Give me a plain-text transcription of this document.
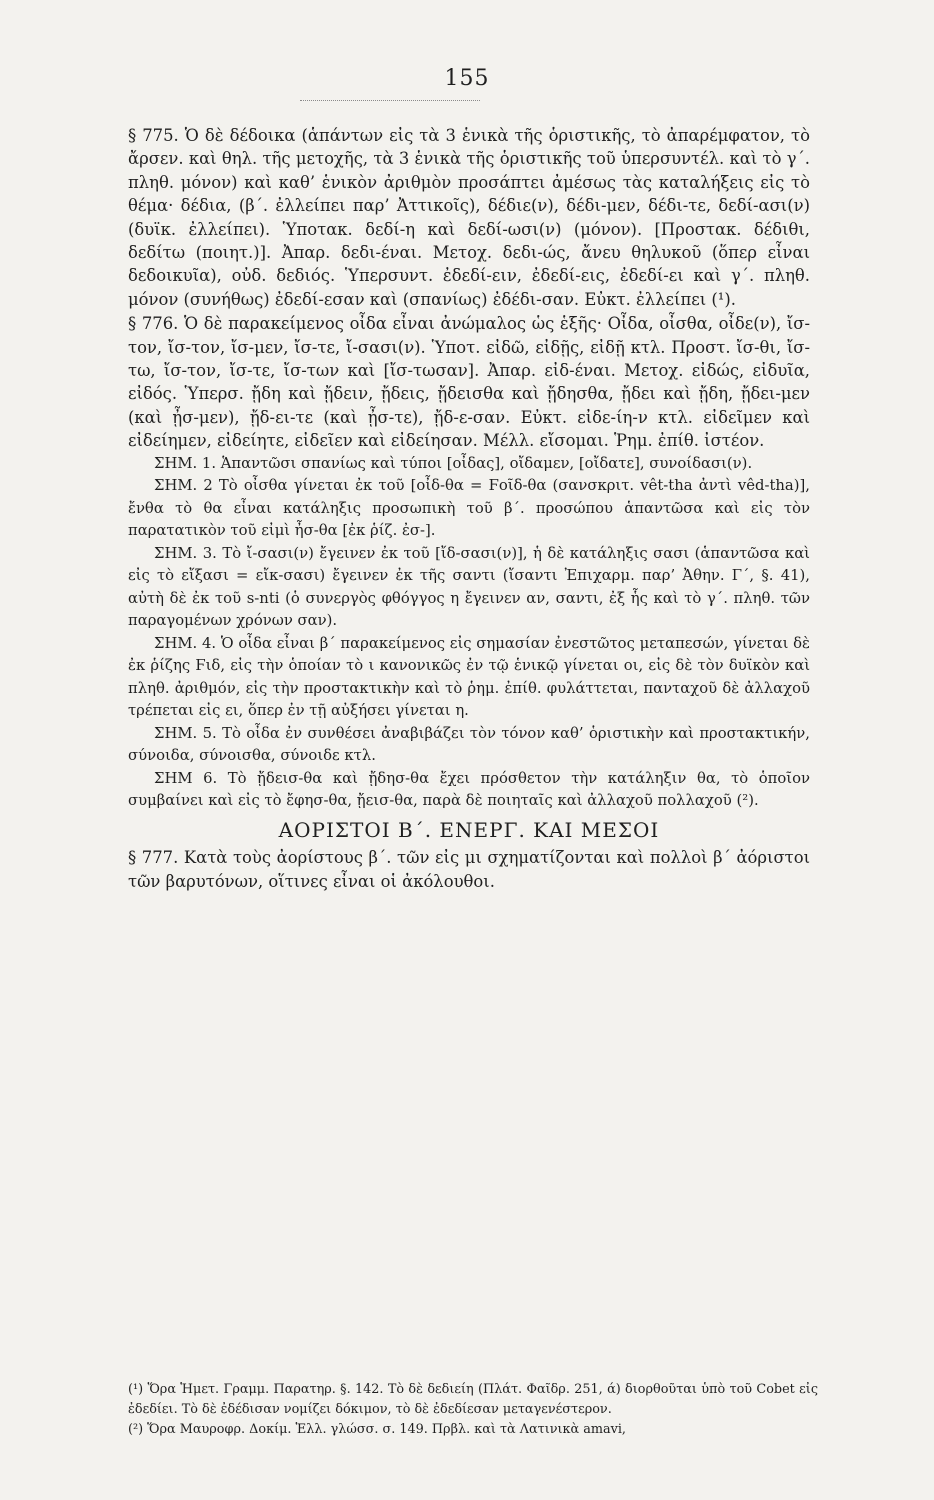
155

§ 775. Ὁ δὲ δέδοικα (ἁπάντων εἰς τὰ 3 ἑνικὰ τῆς ὁριστικῆς, τὸ ἀπαρέμφατον, τὸ ἄρσεν. καὶ θηλ. τῆς μετοχῆς, τὰ 3 ἑνικὰ τῆς ὁριστικῆς τοῦ ὑπερσυντέλ. καὶ τὸ γ΄. πληθ. μόνον) καὶ καθ’ ἑνικὸν ἀριθμὸν προσάπτει ἀμέσως τὰς καταλήξεις εἰς τὸ θέμα· δέδια, (β΄. ἐλλείπει παρ’ Ἀττικοῖς), δέδιε(ν), δέδι-μεν, δέδι-τε, δεδί-ασι(ν) (δυϊκ. ἐλλείπει). Ὑποτακ. δεδί-η καὶ δεδί-ωσι(ν) (μόνον). [Προστακ. δέδιθι, δεδίτω (ποιητ.)]. Ἀπαρ. δεδι-έναι. Μετοχ. δεδι-ώς, ἄνευ θηλυκοῦ (ὅπερ εἶναι δεδοικυῖα), οὐδ. δεδιός. Ὑπερσυντ. ἐδεδί-ειν, ἐδεδί-εις, ἐδεδί-ει καὶ γ΄. πληθ. μόνον (συνήθως) ἐδεδί-εσαν καὶ (σπανίως) ἐδέδι-σαν. Εὐκτ. ἐλλείπει (¹).

§ 776. Ὁ δὲ παρακείμενος οἶδα εἶναι ἀνώμαλος ὡς ἑξῆς· Οἶδα, οἶσθα, οἶδε(ν), ἴσ-τον, ἴσ-τον, ἴσ-μεν, ἴσ-τε, ἴ-σασι(ν). Ὑποτ. εἰδῶ, εἰδῇς, εἰδῇ κτλ. Προστ. ἴσ-θι, ἴσ-τω, ἴσ-τον, ἴσ-τε, ἴσ-των καὶ [ἴσ-τωσαν]. Ἀπαρ. εἰδ-έναι. Μετοχ. εἰδώς, εἰδυῖα, εἰδός. Ὑπερσ. ᾔδη καὶ ᾔδειν, ᾔδεις, ᾔδεισθα καὶ ᾔδησθα, ᾔδει καὶ ᾔδη, ᾔδει-μεν (καὶ ᾖσ-μεν), ᾔδ-ει-τε (καὶ ᾖσ-τε), ᾔδ-ε-σαν. Εὐκτ. εἰδε-ίη-ν κτλ. εἰδεῖμεν καὶ εἰδείημεν, εἰδείητε, εἰδεῖεν καὶ εἰδείησαν. Μέλλ. εἴσομαι. Ῥημ. ἐπίθ. ἰστέον.

ΣΗΜ. 1. Ἁπαντῶσι σπανίως καὶ τύποι [οἶδας], οἴδαμεν, [οἴδατε], συνοίδασι(ν).

ΣΗΜ. 2 Τὸ οἶσθα γίνεται ἐκ τοῦ [οἶδ-θα = Ϝοῖδ-θα (σανσκριτ. vêt-tha ἀντὶ vêd-tha)], ἔνθα τὸ θα εἶναι κατάληξις προσωπικὴ τοῦ β΄. προσώπου ἁπαντῶσα καὶ εἰς τὸν παρατατικὸν τοῦ εἰμὶ ἦσ-θα [ἐκ ῥίζ. ἐσ-].

ΣΗΜ. 3. Τὸ ἴ-σασι(ν) ἔγεινεν ἐκ τοῦ [ἴδ-σασι(ν)], ἡ δὲ κατάληξις σασι (ἁπαντῶσα καὶ εἰς τὸ εἴξασι = εἴκ-σασι) ἔγεινεν ἐκ τῆς σαντι (ἴσαντι Ἐπιχαρμ. παρ’ Ἀθην. Γ΄, §. 41), αὐτὴ δὲ ἐκ τοῦ s-nti (ὁ συνεργὸς φθόγγος η ἔγεινεν αν, σαντι, ἐξ ἧς καὶ τὸ γ΄. πληθ. τῶν παραγομένων χρόνων σαν).

ΣΗΜ. 4. Ὁ οἶδα εἶναι β΄ παρακείμενος εἰς σημασίαν ἐνεστῶτος μεταπεσών, γίνεται δὲ ἐκ ῥίζης Ϝιδ, εἰς τὴν ὁποίαν τὸ ι κανονικῶς ἐν τῷ ἑνικῷ γίνεται οι, εἰς δὲ τὸν δυϊκὸν καὶ πληθ. ἀριθμόν, εἰς τὴν προστακτικὴν καὶ τὸ ῥημ. ἐπίθ. φυλάττεται, πανταχοῦ δὲ ἀλλαχοῦ τρέπεται εἰς ει, ὅπερ ἐν τῇ αὐξήσει γίνεται η.

ΣΗΜ. 5. Τὸ οἶδα ἐν συνθέσει ἀναβιβάζει τὸν τόνον καθ’ ὁριστικὴν καὶ προστακτικήν, σύνοιδα, σύνοισθα, σύνοιδε κτλ.

ΣΗΜ 6. Τὸ ᾔδεισ-θα καὶ ᾔδησ-θα ἔχει πρόσθετον τὴν κατάληξιν θα, τὸ ὁποῖον συμβαίνει καὶ εἰς τὸ ἔφησ-θα, ᾔεισ-θα, παρὰ δὲ ποιηταῖς καὶ ἀλλαχοῦ πολλαχοῦ (²).

ΑΟΡΙΣΤΟΙ Β΄. ΕΝΕΡΓ. ΚΑΙ ΜΕΣΟΙ

§ 777. Κατὰ τοὺς ἀορίστους β΄. τῶν εἰς μι σχηματίζονται καὶ πολλοὶ β΄ ἀόριστοι τῶν βαρυτόνων, οἵτινες εἶναι οἱ ἀκόλουθοι.

(¹) Ὅρα Ἡμετ. Γραμμ. Παρατηρ. §. 142. Τὸ δὲ δεδιείη (Πλάτ. Φαῖδρ. 251, ά) διορθοῦται ὑπὸ τοῦ Cobet εἰς ἐδεδίει. Τὸ δὲ ἐδέδισαν νομίζει δόκιμον, τὸ δὲ ἐδεδίεσαν μεταγενέστερον.

(²) Ὅρα Μαυροφρ. Δοκίμ. Ἑλλ. γλώσσ. σ. 149. Πρβλ. καὶ τὰ Λατινικὰ amavi,
